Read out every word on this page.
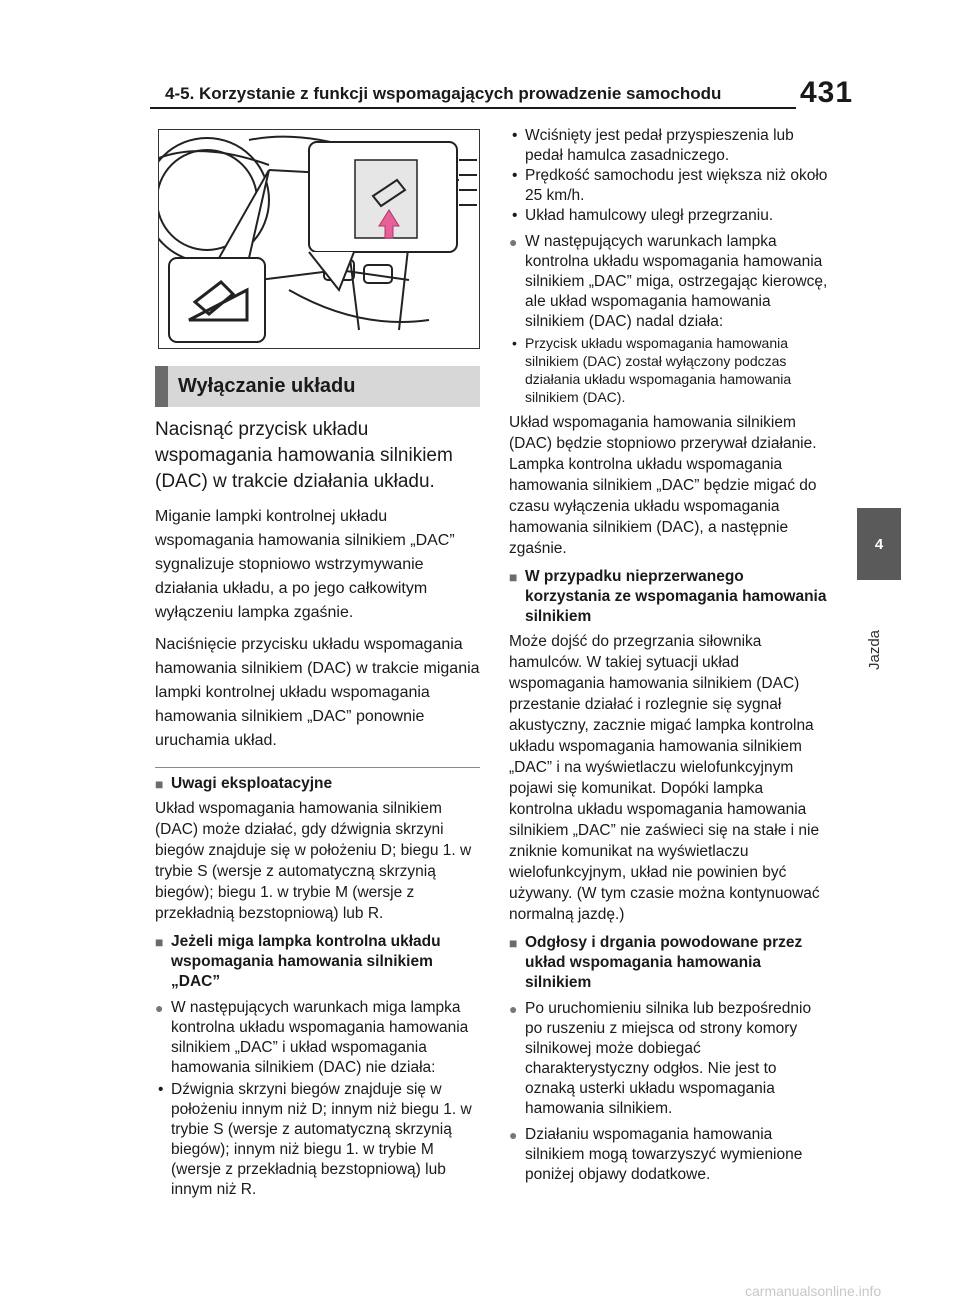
4-5. Korzystanie z funkcji wspomagających prowadzenie samochodu	431
4
Jazda
Wyłączanie układu

Nacisnąć przycisk układu wspomagania hamowania silnikiem (DAC) w trakcie działania układu.

Miganie lampki kontrolnej układu wspomagania hamowania silnikiem „DAC” sygnalizuje stopniowo wstrzymywanie działania układu, a po jego całkowitym wyłączeniu lampka zgaśnie.

Naciśnięcie przycisku układu wspomagania hamowania silnikiem (DAC) w trakcie migania lampki kontrolnej układu wspomagania hamowania silnikiem „DAC” ponownie uruchamia układ.

■ Uwagi eksploatacyjne

Układ wspomagania hamowania silnikiem (DAC) może działać, gdy dźwignia skrzyni biegów znajduje się w położeniu D; biegu 1. w trybie S (wersje z automatyczną skrzynią biegów); biegu 1. w trybie M (wersje z przekładnią bezstopniową) lub R.

■ Jeżeli miga lampka kontrolna układu wspomagania hamowania silnikiem „DAC”
● W następujących warunkach miga lampka kontrolna układu wspomagania hamowania silnikiem „DAC” i układ wspomagania hamowania silnikiem (DAC) nie działa:

• Dźwignia skrzyni biegów znajduje się w położeniu innym niż D; innym niż biegu 1. w trybie S (wersje z automatyczną skrzynią biegów); innym niż biegu 1. w trybie M (wersje z przekładnią bezstopniową) lub innym niż R.

• Wciśnięty jest pedał przyspieszenia lub pedał hamulca zasadniczego.

• Prędkość samochodu jest większa niż około 25 km/h.

• Układ hamulcowy uległ przegrzaniu.

● W następujących warunkach lampka kontrolna układu wspomagania hamowania silnikiem „DAC” miga, ostrzegając kierowcę, ale układ wspomagania hamowania silnikiem (DAC) nadal działa:

• Przycisk układu wspomagania hamowania silnikiem (DAC) został wyłączony podczas działania układu wspomagania hamowania silnikiem (DAC).

Układ wspomagania hamowania silnikiem (DAC) będzie stopniowo przerywał działanie. Lampka kontrolna układu wspomagania hamowania silnikiem „DAC” będzie migać do czasu wyłączenia układu wspomagania hamowania silnikiem (DAC), a następnie zgaśnie.

■ W przypadku nieprzerwanego korzystania ze wspomagania hamowania silnikiem

Może dojść do przegrzania siłownika hamulców. W takiej sytuacji układ wspomagania hamowania silnikiem (DAC) przestanie działać i rozlegnie się sygnał akustyczny, zacznie migać lampka kontrolna układu wspomagania hamowania silnikiem „DAC” i na wyświetlaczu wielofunkcyjnym pojawi się komunikat. Dopóki lampka kontrolna układu wspomagania hamowania silnikiem „DAC” nie zaświeci się na stałe i nie zniknie komunikat na wyświetlaczu wielofunkcyjnym, układ nie powinien być używany. (W tym czasie można kontynuować normalną jazdę.)

■ Odgłosy i drgania powodowane przez układ wspomagania hamowania silnikiem
● Po uruchomieniu silnika lub bezpośrednio po ruszeniu z miejsca od strony komory silnikowej może dobiegać charakterystyczny odgłos. Nie jest to oznaką usterki układu wspomagania hamowania silnikiem.
● Działaniu wspomagania hamowania silnikiem mogą towarzyszyć wymienione poniżej objawy dodatkowe.
carmanualsonline.info
